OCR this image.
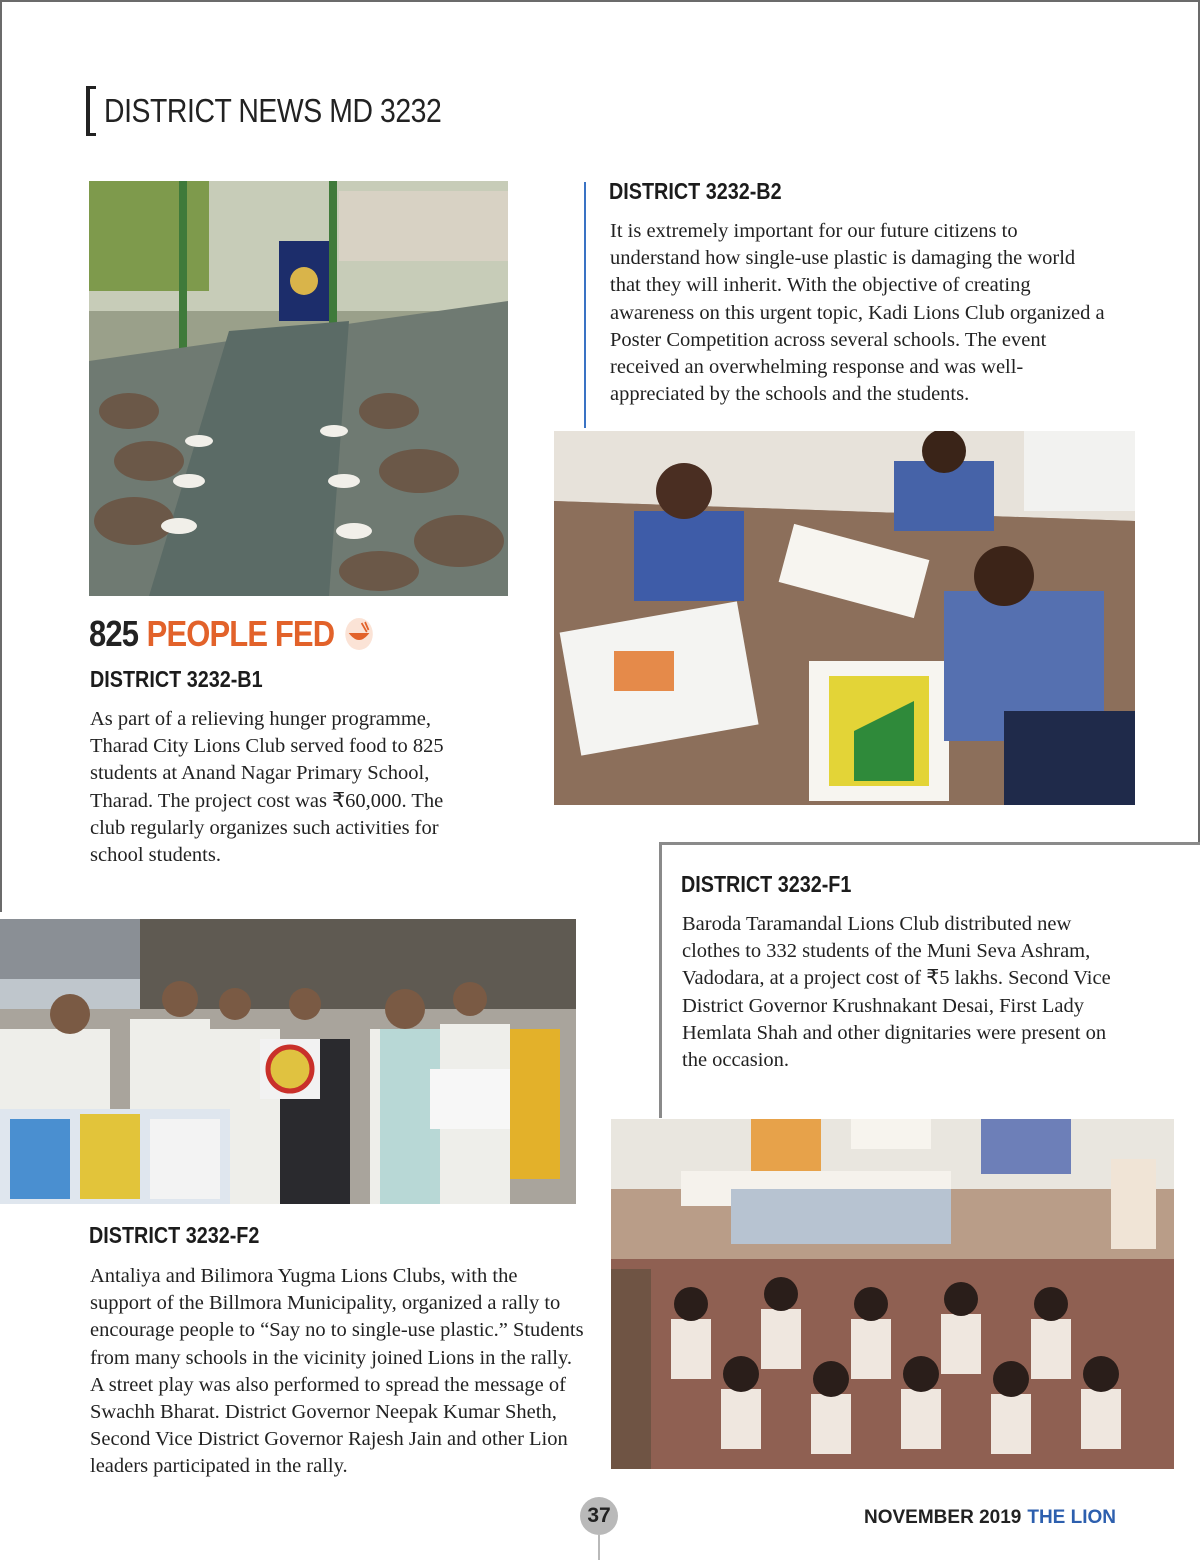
DISTRICT NEWS MD 3232
825 PEOPLE FED
DISTRICT 3232-B1
As part of a relieving hunger programme, Tharad City Lions Club served food to 825 students at Anand Nagar Primary School, Tharad. The project cost was ₹60,000. The club regularly organizes such activities for school students.
DISTRICT 3232-B2
It is extremely important for our future citizens to understand how single-use plastic is damaging the world that they will inherit. With the objective of creating awareness on this urgent topic, Kadi Lions Club organized a Poster Competition across several schools. The event received an overwhelming response and was well-appreciated by the schools and the students.
DISTRICT 3232-F1
Baroda Taramandal Lions Club distributed new clothes to 332 students of the Muni Seva Ashram, Vadodara, at a project cost of ₹5 lakhs. Second Vice District Governor Krushnakant Desai, First Lady Hemlata Shah and other dignitaries were present on the occasion.
DISTRICT 3232-F2
Antaliya and Bilimora Yugma Lions Clubs, with the support of the Billmora Municipality, organized a rally to encourage people to “Say no to single-use plastic.” Students from many schools in the vicinity joined Lions in the rally. A street play was also performed to spread the message of Swachh Bharat. District Governor Neepak Kumar Sheth, Second Vice District Governor Rajesh Jain and other Lion leaders participated in the rally.
37	NOVEMBER 2019 THE LION
